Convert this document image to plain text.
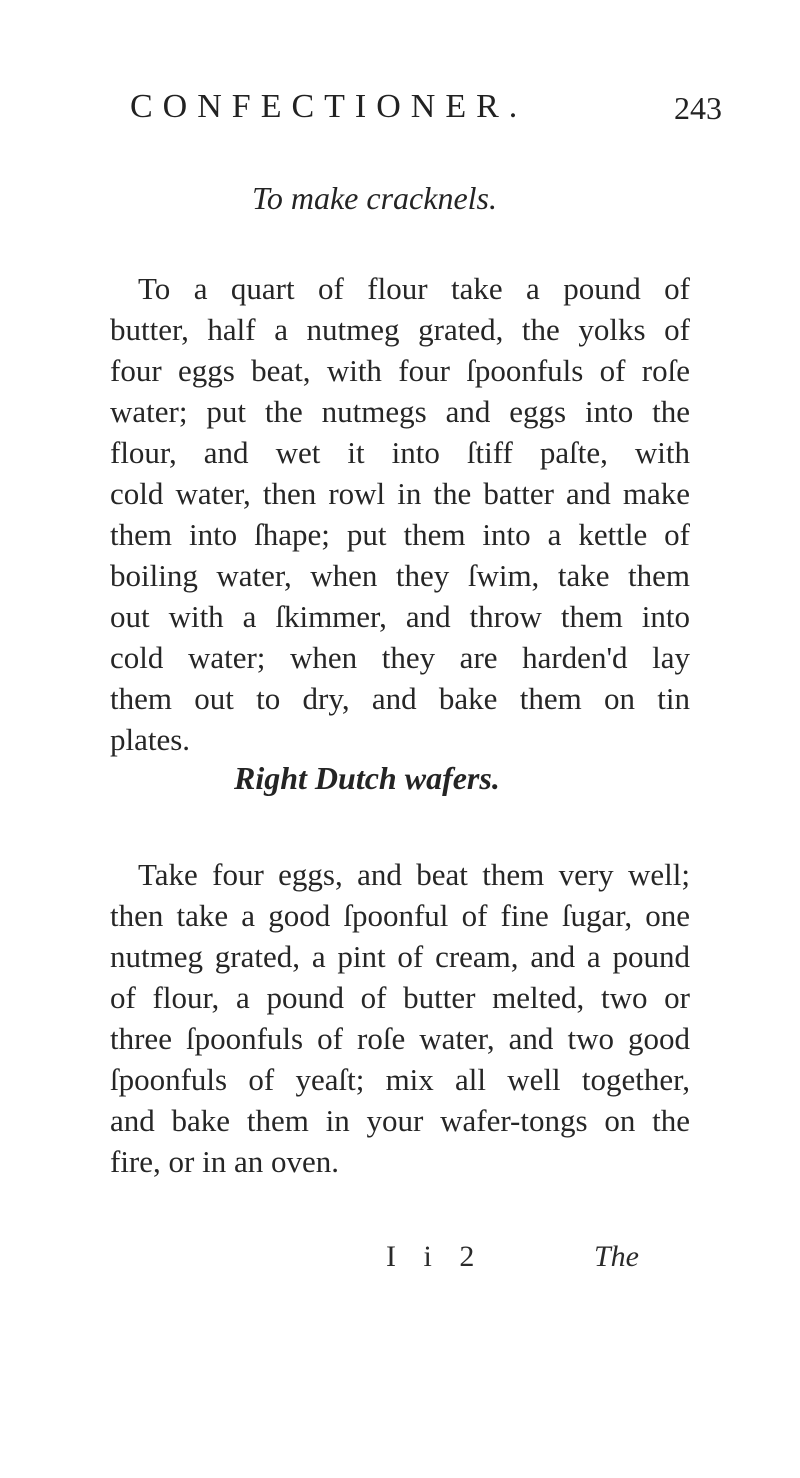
CONFECTIONER.	243
To make cracknels.
To a quart of flour take a pound of
butter, half a nutmeg grated, the yolks of
four eggs beat, with four ſpoonfuls of roſe
water; put the nutmegs and eggs into the
flour, and wet it into ſtiff paſte, with
cold water, then rowl in the batter and make
them into ſhape; put them into a kettle of
boiling water, when they ſwim, take them
out with a ſkimmer, and throw them into
cold water; when they are harden'd lay
them out to dry, and bake them on tin
plates.
Right Dutch wafers.
Take four eggs, and beat them very well;
then take a good ſpoonful of fine ſugar, one
nutmeg grated, a pint of cream, and a pound
of flour, a pound of butter melted, two or
three ſpoonfuls of roſe water, and two good
ſpoonfuls of yeaſt; mix all well together,
and bake them in your wafer-tongs on the
fire, or in an oven.
I i 2	The
